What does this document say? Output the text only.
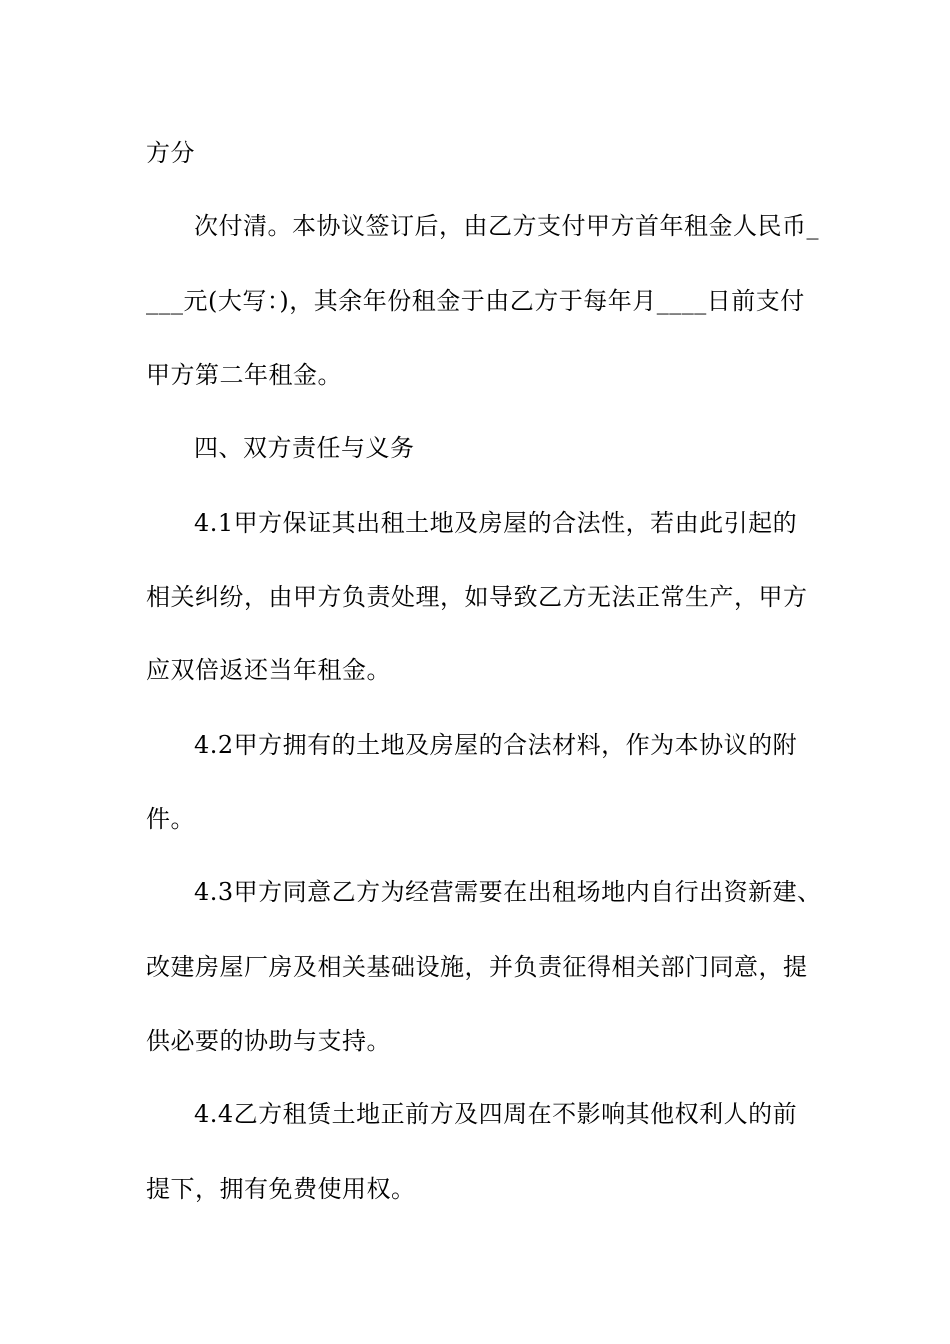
方分
次付清。本协议签订后，由乙方支付甲方首年租金人民币_
___元(大写：)，其余年份租金于由乙方于每年月____日前支付
甲方第二年租金。
四、双方责任与义务
4.1甲方保证其出租土地及房屋的合法性，若由此引起的
相关纠纷，由甲方负责处理，如导致乙方无法正常生产，甲方
应双倍返还当年租金。
4.2甲方拥有的土地及房屋的合法材料，作为本协议的附
件。
4.3甲方同意乙方为经营需要在出租场地内自行出资新建、
改建房屋厂房及相关基础设施，并负责征得相关部门同意，提
供必要的协助与支持。
4.4乙方租赁土地正前方及四周在不影响其他权利人的前
提下，拥有免费使用权。
